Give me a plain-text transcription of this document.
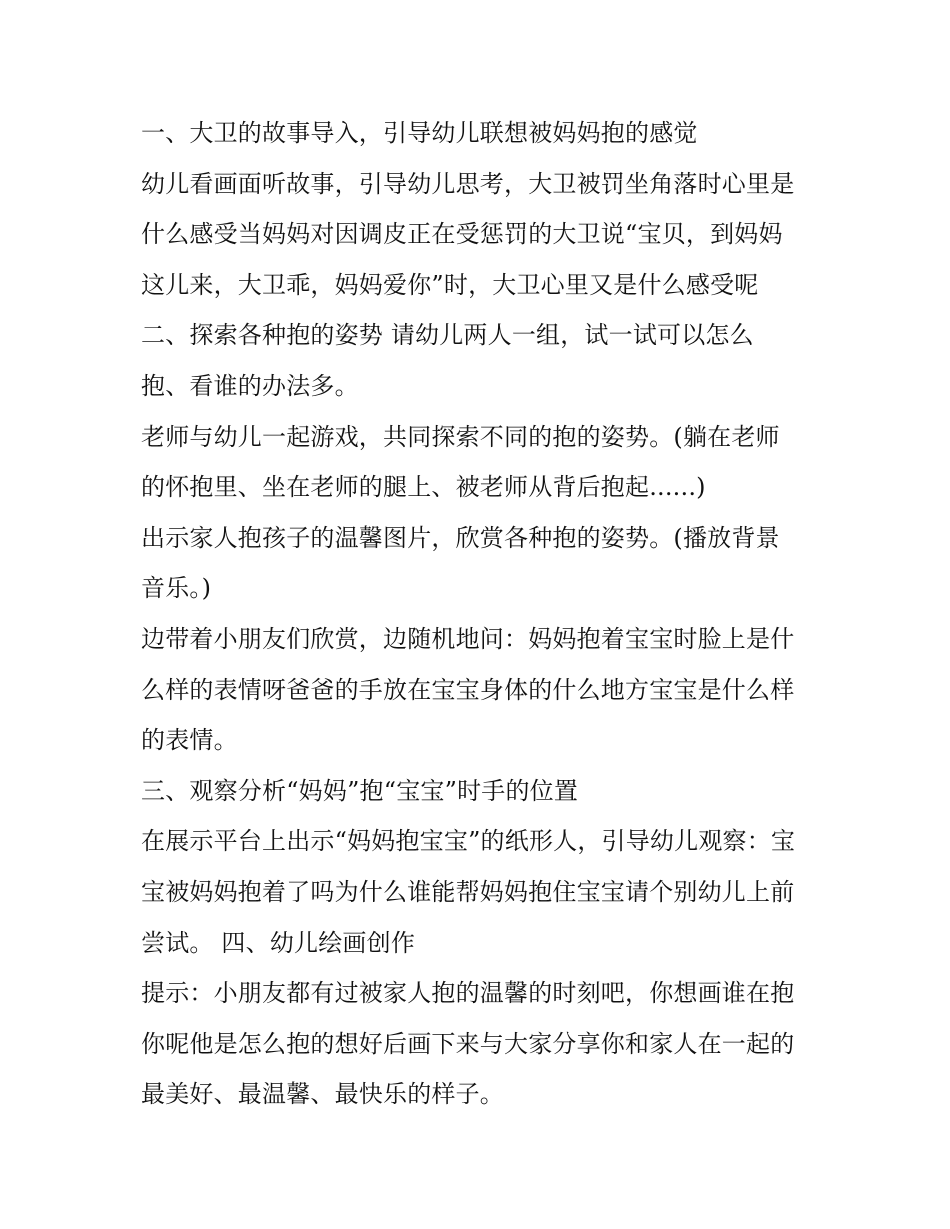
一、大卫的故事导入，引导幼儿联想被妈妈抱的感觉
幼儿看画面听故事，引导幼儿思考，大卫被罚坐角落时心里是
什么感受当妈妈对因调皮正在受惩罚的大卫说“宝贝，到妈妈
这儿来，大卫乖，妈妈爱你”时，大卫心里又是什么感受呢
二、探索各种抱的姿势 请幼儿两人一组，试一试可以怎么
抱、看谁的办法多。
老师与幼儿一起游戏，共同探索不同的抱的姿势。(躺在老师
的怀抱里、坐在老师的腿上、被老师从背后抱起......)
出示家人抱孩子的温馨图片，欣赏各种抱的姿势。(播放背景
音乐。)
边带着小朋友们欣赏，边随机地问：妈妈抱着宝宝时脸上是什
么样的表情呀爸爸的手放在宝宝身体的什么地方宝宝是什么样
的表情。
三、观察分析“妈妈”抱“宝宝”时手的位置
在展示平台上出示“妈妈抱宝宝”的纸形人，引导幼儿观察：宝
宝被妈妈抱着了吗为什么谁能帮妈妈抱住宝宝请个别幼儿上前
尝试。 四、幼儿绘画创作
提示：小朋友都有过被家人抱的温馨的时刻吧，你想画谁在抱
你呢他是怎么抱的想好后画下来与大家分享你和家人在一起的
最美好、最温馨、最快乐的样子。
